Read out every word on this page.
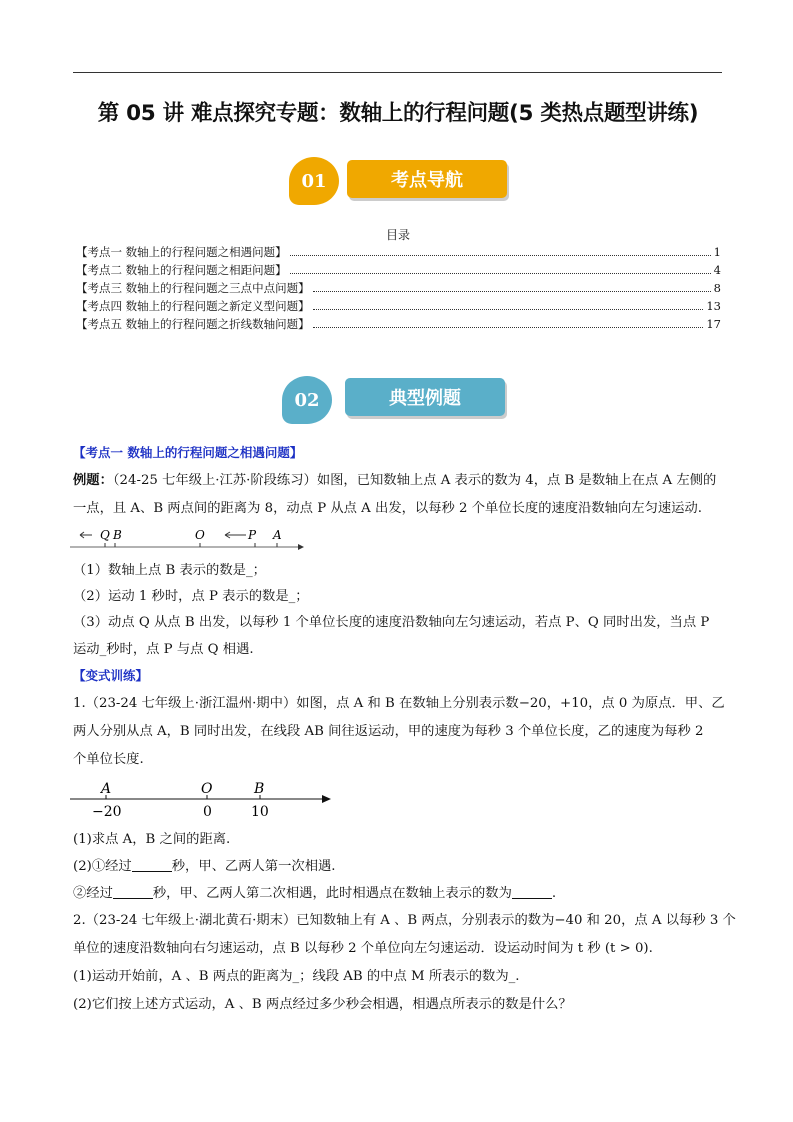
第 05 讲 难点探究专题：数轴上的行程问题(5 类热点题型讲练)
01	考点导航
目录
【考点一 数轴上的行程问题之相遇问题】	1
【考点二 数轴上的行程问题之相距问题】	4
【考点三 数轴上的行程问题之三点中点问题】	8
【考点四 数轴上的行程问题之新定义型问题】	13
【考点五 数轴上的行程问题之折线数轴问题】	17
02	典型例题
【考点一 数轴上的行程问题之相遇问题】
例题：（24-25 七年级上·江苏·阶段练习）如图，已知数轴上点 A 表示的数为 4，点 B 是数轴上在点 A 左侧的
一点，且 A、B 两点间的距离为 8，动点 P 从点 A 出发，以每秒 2 个单位长度的速度沿数轴向左匀速运动.
Q B	O	P A
（1）数轴上点 B 表示的数是_；
（2）运动 1 秒时，点 P 表示的数是_；
（3）动点 Q 从点 B 出发，以每秒 1 个单位长度的速度沿数轴向左匀速运动，若点 P、Q 同时出发，当点 P
运动_秒时，点 P 与点 Q 相遇.
【变式训练】
1.（23-24 七年级上·浙江温州·期中）如图，点 A 和 B 在数轴上分别表示数−20，+10，点 0 为原点．甲、乙
两人分别从点 A，B 同时出发，在线段 AB 间往返运动，甲的速度为每秒 3 个单位长度，乙的速度为每秒 2
个单位长度.
A	O	B
−20	0	10
(1)求点 A，B 之间的距离.
(2)①经过	秒，甲、乙两人第一次相遇.
②经过	秒，甲、乙两人第二次相遇，此时相遇点在数轴上表示的数为	.
2.（23-24 七年级上·湖北黄石·期末）已知数轴上有 A 、B 两点，分别表示的数为−40 和 20，点 A 以每秒 3 个
单位的速度沿数轴向右匀速运动，点 B 以每秒 2 个单位向左匀速运动．设运动时间为 t 秒 (t > 0).
(1)运动开始前，A 、B 两点的距离为_；线段 AB 的中点 M 所表示的数为_.
(2)它们按上述方式运动，A 、B 两点经过多少秒会相遇，相遇点所表示的数是什么？
